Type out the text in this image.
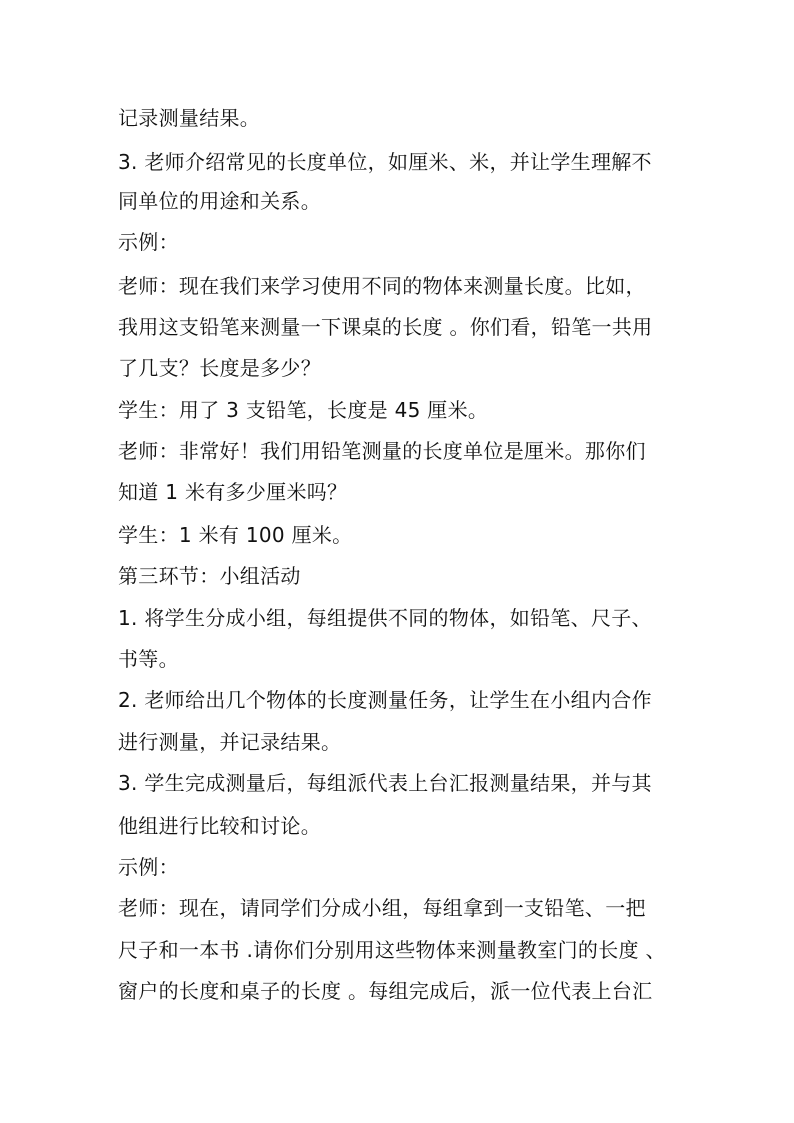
记录测量结果。
3. 老师介绍常见的长度单位，如厘米、米，并让学生理解不
同单位的用途和关系。
示例：
老师：现在我们来学习使用不同的物体来测量长度。比如，
我用这支铅笔来测量一下课桌的长度 。你们看，铅笔一共用
了几支？长度是多少？
学生：用了 3 支铅笔，长度是 45 厘米。
老师：非常好！我们用铅笔测量的长度单位是厘米。那你们
知道 1 米有多少厘米吗？
学生：1 米有 100 厘米。
第三环节：小组活动
1. 将学生分成小组，每组提供不同的物体，如铅笔、尺子、
书等。
2. 老师给出几个物体的长度测量任务，让学生在小组内合作
进行测量，并记录结果。
3. 学生完成测量后，每组派代表上台汇报测量结果，并与其
他组进行比较和讨论。
示例：
老师：现在，请同学们分成小组，每组拿到一支铅笔、一把
尺子和一本书 .请你们分别用这些物体来测量教室门的长度 、
窗户的长度和桌子的长度 。每组完成后，派一位代表上台汇
